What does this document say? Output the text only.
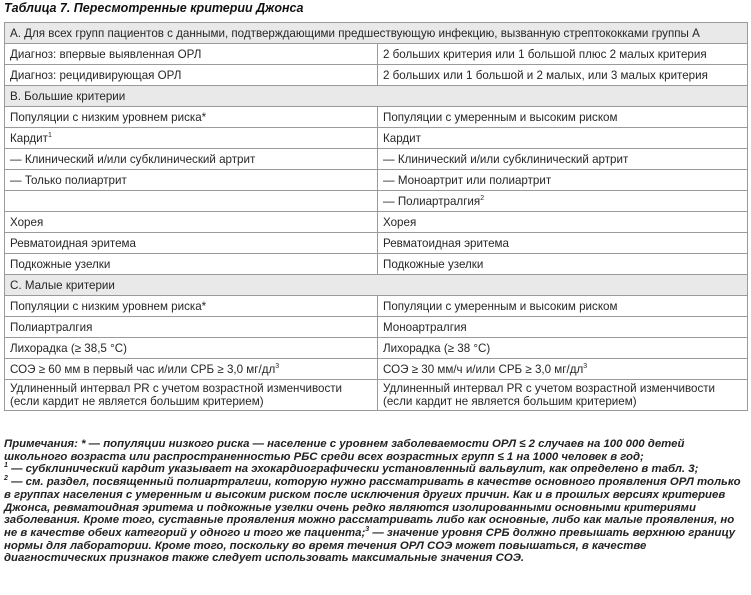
Таблица 7. Пересмотренные критерии Джонса
A. Для всех групп пациентов с данными, подтверждающими предшествующую инфекцию, вызванную стрептококками группы A	
Диагноз: впервые выявленная ОРЛ	2 больших критерия или 1 большой плюс 2 малых критерия
Диагноз: рецидивирующая ОРЛ	2 больших или 1 большой и 2 малых, или 3 малых критерия
B. Большие критерии	
Популяции с низким уровнем риска*	Популяции с умеренным и высоким риском
Кардит$^1$	Кардит
— Клинический и/или субклинический артрит	— Клинический и/или субклинический артрит
— Только полиартрит	— Моноартрит или полиартрит
	— Полиартралгия$^2$
Хорея	Хорея
Ревматоидная эритема	Ревматоидная эритема
Подкожные узелки	Подкожные узелки
C. Малые критерии	
Популяции с низким уровнем риска*	Популяции с умеренным и высоким риском
Полиартралгия	Моноартралгия
Лихорадка (≥ 38,5 °C)	Лихорадка (≥ 38 °C)
СОЭ ≥ 60 мм в первый час и/или СРБ ≥ 3,0 $мг/дл^3$	СОЭ ≥ 30 мм/ч и/или СРБ ≥ 3,0 $мг/дл^3$
Удлиненный интервал PR с учетом возрастной изменчивости (если кардит не является большим критерием)	Удлиненный интервал PR с учетом возрастной изменчивости (если кардит не является большим критерием)

Примечания: * — популяции низкого риска — население с уровнем заболеваемости ОРЛ ≤ 2 случаев на 100 000 детей школьного возраста или распространенностью РБС среди всех возрастных групп ≤ 1 на 1000 человек в год;
$^1$ — субклинический кардит указывает на эхокардиографически установленный вальвулит, как определено в табл. 3;
$^2$ — см. раздел, посвященный полиартралгии, которую нужно рассматривать в качестве основного проявления ОРЛ только в группах населения с умеренным и высоким риском после исключения других причин. Как и в прошлых версиях критериев Джонса, ревматоидная эритема и подкожные узелки очень редко являются изолированными основными критериями заболевания. Кроме того, суставные проявления можно рассматривать либо как основные, либо как малые проявления, но не в качестве обеих категорий у одного и того же пациента;$^3$ — значение уровня СРБ должно превышать верхнюю границу нормы для лаборатории. Кроме того, поскольку во время течения ОРЛ СОЭ может повышаться, в качестве диагностических признаков также следует использовать максимальные значения СОЭ.
